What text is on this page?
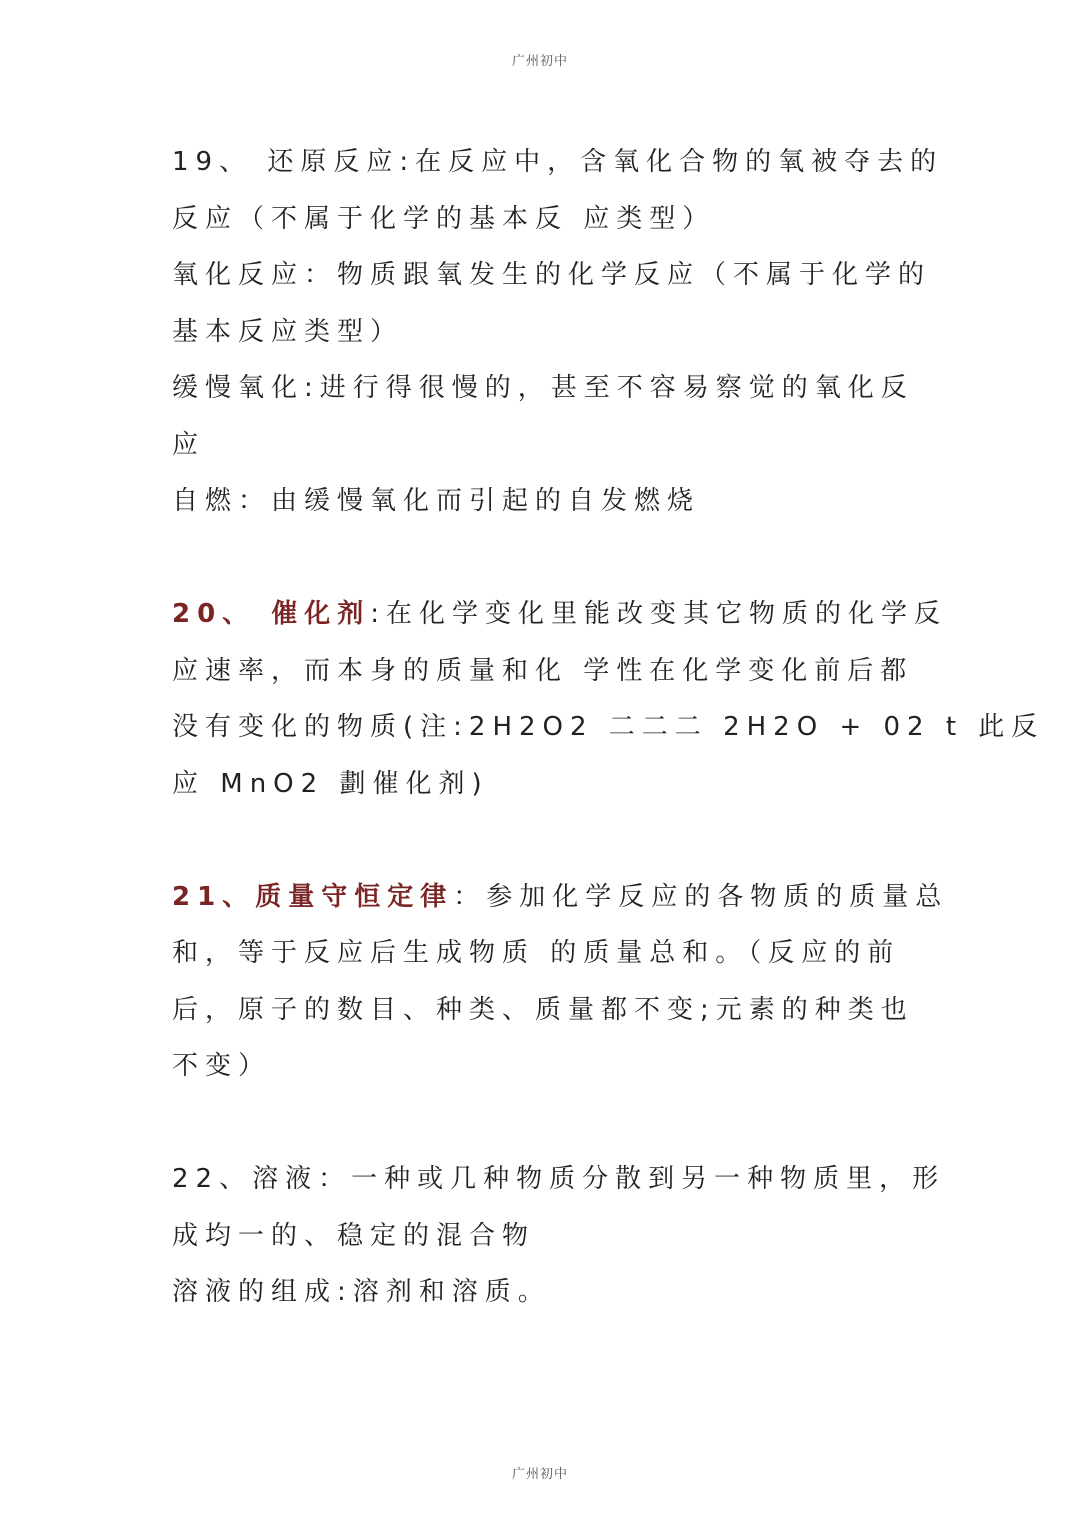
广州初中
19、 还原反应:在反应中，含氧化合物的氧被夺去的
反应（不属于化学的基本反 应类型）
氧化反应：物质跟氧发生的化学反应（不属于化学的
基本反应类型）
缓慢氧化:进行得很慢的，甚至不容易察觉的氧化反
应
自燃：由缓慢氧化而引起的自发燃烧
20、 催化剂:在化学变化里能改变其它物质的化学反
应速率，而本身的质量和化 学性在化学变化前后都
没有变化的物质(注:2H2O2 二二二 2H2O + 02 t 此反
应 MnO2 劃催化剂)
21、质量守恒定律：参加化学反应的各物质的质量总
和，等于反应后生成物质 的质量总和。（反应的前
后，原子的数目、种类、质量都不变;元素的种类也
不变）
22、溶液：一种或几种物质分散到另一种物质里，形
成均一的、稳定的混合物
溶液的组成:溶剂和溶质。
广州初中
